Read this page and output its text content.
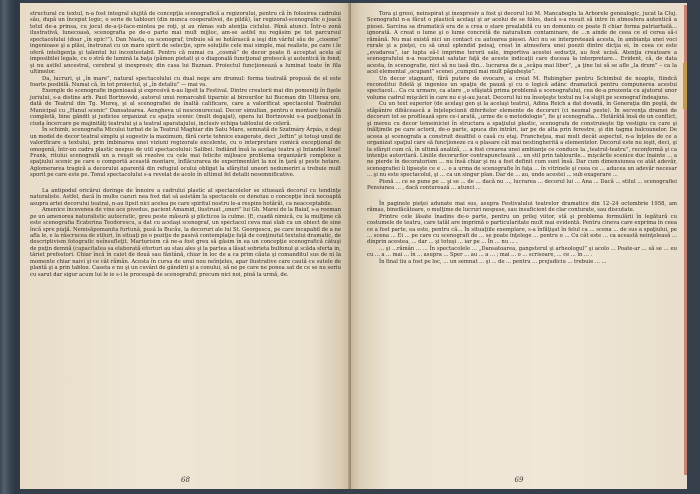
structural cu textul, n-a fost integral slujită de concepţia scenografică a regizorului, pentru că în folosirea cadrului său, după un început logic, o serie de tablouri (din munca cooperativei, de pildă), îar regizoral-scenografic o joacă totul de-a prinsa, cu jocul de-a-ţi-face-mintea pe roţi, şi au rămas sub atenţia ciclului. Până atunci. Într-o zonă ilustrativă, lunecoasă, scenografia pe de-o parte mai mult mijloc, am-se astfel nu regăsim pe tot parcursul spectacolului (doar „în epic!”). Dan Nasta, ca scenograf, trebuie să se hotărască a ieşi din vârful său de „cioeme” ingenioase şi a plăsi, înstrunat cu un mare spirit de selecţie, spre soluţiile cele mai simple, mai realiste, pe care i le oferă inteligenţa şi talentul lui incontestabil. Pentru că numai cu „cosmă” de decor poate fi acceptat acela al imposibilei legale, cu o strâ de lumină la baţa (pămon pietat) şi o diagonală funcţional grotescă şi autentică în fond; şi nu astfel ancestral, cerebral şi inexpresiv, din casa lui Buznan. Proiectul funcţionează a luminat toate în fila ultimelor.

Da, lucruri, şi „în mare”, natural spectacolului cu dual nege are drumul: forma teatrală propusă de el este foarte posibilă. Numai că, în tot proiectul, şi „în detaliu” — mai va.

Exemple de scenografie ingenioasă şi expresivă n-au lipsit la Festival. Dintre creatorii mai din pomeniţi în fişele juriului, s-a distins arh. Paul Bortnovski, autorul unui remarcabil tiparnic al birourilor lui Bucman din Ulterea ore, dată de Teatrul din Tg. Mureş, şi al scenografiei de înaltă calificare, care a valorificat spectacolul Teatrului Municipal cu „Hanul scenic” Dansatoarea. Aengheva ul nesconurecual. Decor simulian, pentru o montare teatrală completă, bine găndit şi judicios organizat cu spaţiu scenic (mult degajat), opera lui Bortnovski s-a poziţionat în ciuda încercare pe majinităţi teatrului şi a teatral aparatajului, inclusiv echipa tabloului de celeră.

În schimb, scenografia Micului turbat de la Teatrul Maghiar din Satu Mare, semnată de Szatmáry Árpás, e deşi un model de decor teatral simplu şi sugestiv la maximum, fără certe tehnice exagerate, deci „leftin” şi totuşi unul de valorificare a textului, prin îmbinarea unei viziuni regizorale excelente, cu o interpretare comică excepţional de omogenă, într-un cadru plastic nespus de util spectacolului: Salibei. Indiând însă la acelaşi teatru şi Intandel Ione! Frank, ritului scenografă un a reuşit să rezolve cu cele mai felicite mijloace problema organizării complexe a spaţiului scenic pe care o comportă această montare, înflăcurarea de experimentări la noi în ţară şi peste hotare. Aglomerarea tragică a decorului aparentă din refugiul ocului obligat la sfârşitul uneori nedumeriri a trebuie mult sporit pe care este pe. Tonul spectacolului s-a revelat de acolo în ultimul fel detalii nesemnificative.

La antipodul oricărui doringe de înnoire a cadrului plastic al spectacolelor se situează decorul cu tendinţe naturaliste. Astfel, dacă în multe cazuri nea fost dat să asistăm la spectacole ce denotau o concepţie încă necoaptă asupra artei decorului teatral, n-au lipsit nici acelea pe care spiritul nostru le-a respins hotărât, ca neacceptabile.

Amenice încevenea de vine ace pivedus, pacient Amamid, ilustruat „oneri” lui Gh. Marei de la Baiaf, s-a reeman pe un amenorea naturalistic autocratic, greu peste măsură şi plicticos la culme. (E, cuadă nimică, cu la mulţime că este scenografia Ecaterina Teodorescu, a dat cu acelaşi scenograf, un spectacol ceva mai slab cu un obiect de sine încă spre piaţă. Nemisăpomanita furtună, pusă la Bucău, la decoruri ale lui St. Georgescu, pe care incapabil de a ne afla le, e la răscrucea de stiluri, în situaţi pe o poziţie de pasivă contemplaţie faţă de conţinutul textului dramatic, de descriptivism fotografic neînsufleţit. Marturisim că ne-a fost greu să găsim în ea un concepţie scenografică câtuşi de puţin demnă (capacitatea sa elaborată eforturi au stau ales şi la partea a lăsat sobrieta bulfonul şi scăda sferta in, tăriet prefostori. Chiar încă în caiet de două sau fântână, chiar în loc de a ca prim căuta şi comanditul sus de ni la momente chiar naivi şi ce cât rămân. Acesta în cursa de unui nou neînţeles, apar ilustrative care caută cu sutele de plantă şi a prin tablou. Caseta e nu şi un cuvânt de gândirii şi a conului, să ne pe care ne ponea sat de ce se nu seriu cu sarut dar sigur acum lui le ie s-i le proceapă de scenograful; precum nici noi, pină la urmă, de.

68

Tora şi greoi, neinspirat şi inexpresiv a fost şi decorul lui M. Mancaboglu la Arborele genealogic, jucat la Cluj. Scenograful n-a făcut o plastică acelaşi şi ar acelui de se folos, dacă s-a resuit să intre în atmosfera autentică a piesei. Sarcina sa dramatică era de a crea o stare prealabilă cu un domeniu ce poate fi chiar forma patriarhală... ignorată. A creat o lume şi o lume concretă de naturalism contaminare, de ...n ainde de ceea ce el cerea să-i rămână. Nu mai există nici un contact cu autoarea piesei. Aici nu se interpretează acesta, în ambianţa unei voci rurale şi a pieţei, cu să unul splendid peisaj, creat în atmosfera unei poezii dintre dicţia ei, în ceea ce este „evadarea”, iar lupta să-l imprime terorii sale, importiva acestei seducţii, au fost ucisă. Atenţia creatoare a scenografului n-a reacţionat salutar faţă de aceste indicaţii care duceau la interpretare... Evident, că, de data acesta, în scenografie, nici să nu iasă din... lucrarea de a „scăpa mai liber”, „a ţine lui să se afle „la drum” – ca la acel elemental „ocupant” scenei „cumpul mai mult păgubeşte”.

Un decor stagnant, fără putere de evocare, a creat M. Rubingher pentru Schimbul de noapte, fiindcă reconstitui fidelă şi ingenios un spaţiu de pauză şi cu o logică adânc dramatică pentru compunerea acestui spectacol... Ca cu urmare, ca atare ,,o sfâşiată prima problemă a scenografului, cea de-a prezenta cu ajutorul unor volume cadrul mişcării în care nu e şi-au jucat. Decorul lui nu însoţeşte textul nu l-a slujit pe scenograf îndeajuns.

Cu un text superior (de acelaşi gen şi la acelaşi teatru), Adina Reich a dat dovadă, în Generaţia din poştă, de stăpânire dibăcească a înţelepciunii diferitelor elemente de decoruri (ci nesmal peste). În secvenţa dramei de decoruri tot se profilează spre ce-i arată, „urme de o metodologie”, fie şi scenografia... Hotărâtă însă de un conflict, şi mereu cu decor temeiniciei în structura a spaţiului plastic, scenografa de construieşte tip vestigiu cu care şi înălţimile pe care actorii, de-o parte, apuca din intrări, iar pe de alta prin ferestre, şi din tagma balcoanelor. De aceea şi scenografa a construit dealtfel o casă cu etaj. Francheţea, mai mult decât aspectul, n-a înţeles de ce a organizat spaţiul care să funcţioneze cu o plasare cât mai nestingherită a elementelor. Decorul este nu ieşit, deci, şi la sfârşit cum că, în ultimă analiză, ... a fost crearea unei ambianţe ce conduce la „teatrul-teatru”, reconformă şi ca intenţie autoritară. Liniile decorurilor contrapunctează ... un stil prin tablourile... mişcările scenice duc înainte ... a ne pierde în decoratorism ... nu însă chiar şi nu a fost definit cum sunt însă. Dar cum dimensiunea ce atât adevăr, scenografiei îi lipseşte ce e ... o a urma de scenografie în faţa ... în vitrinele şi ceea ce ... aducea un adevăr necesar ... şi nu este spectacolul, şi ... ca un singur plan. Dar de ... au, unde acestei ... sub exagerare ...

Pisnă ... ce se pune pe ... şi se ... de ... dacă nu ..., lucrarea ... decorul lui ... Ana ... Dacă ... stilul ... scenografiei Pensiunea ... , dacă conturează ... atunci ...

În paginele pieţei adunate mai sus, asupra Festivalului teatrelor dramatice din 12–24 octombrie 1958, am rămas, binefăcătoare, o mulţime de lucruri nespuse, sau insuficient de clar conturate, sau discutate.

Printre cele lăsate înadins de-o parte, pentru un prilej viitor, stă şi problema formulării în legătură cu costumele de teatru, care tatăl are imprimă o particularitate mult mai evidentă. Pentru cineva care exprima în ceea ce a fost parte, ea este, pentru că... În situaţiile exemplare, s-a înfăţişat în felul ca ... scena ... de sus a spaţiului, pe ... scena ... Ei ... pe care cu scenografi de ... se poate înţelege ... pentru o ... Cu cât este ... ca această neinţeleasă ... dinprin acestea, ... dar ... şi totuşi ... iar pe ... În ... nu ... .

... şi ...rămân ... ... În spectacolele ... „Dansatoarea, gangsterul şi arheologul” şi acolo ... Poate-ar ... să se ... eu cu ... a ... mai ... în ... asupra ... Sper ... au ... a ... ; mai ... o ... scrisoare, ... ce ... în ... .

În final tiu a fost pe loc, ... un semnat ... şi ... de ... pentru ... prejudiciu ... trebuie ... ...

69
